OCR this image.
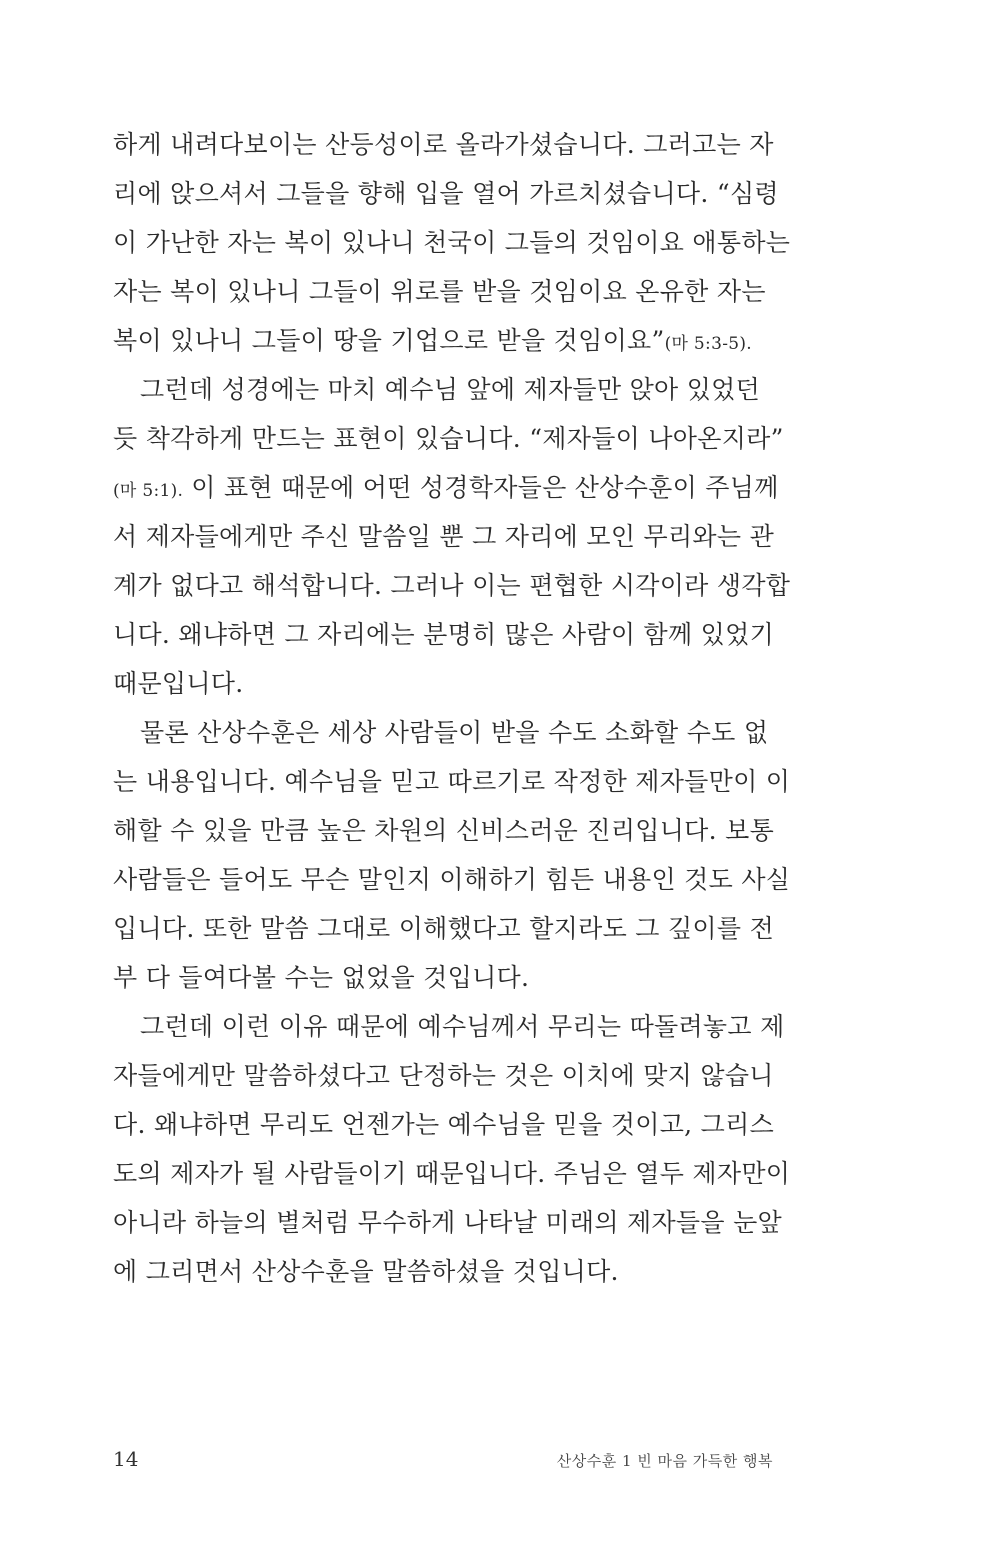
하게 내려다보이는 산등성이로 올라가셨습니다. 그러고는 자
리에 앉으셔서 그들을 향해 입을 열어 가르치셨습니다. “심령
이 가난한 자는 복이 있나니 천국이 그들의 것임이요 애통하는
자는 복이 있나니 그들이 위로를 받을 것임이요 온유한 자는
복이 있나니 그들이 땅을 기업으로 받을 것임이요” (마 5:3-5).
그런데 성경에는 마치 예수님 앞에 제자들만 앉아 있었던
듯 착각하게 만드는 표현이 있습니다. “제자들이 나아온지라”
(마 5:1). 이 표현 때문에 어떤 성경학자들은 산상수훈이 주님께
서 제자들에게만 주신 말씀일 뿐 그 자리에 모인 무리와는 관
계가 없다고 해석합니다. 그러나 이는 편협한 시각이라 생각합
니다. 왜냐하면 그 자리에는 분명히 많은 사람이 함께 있었기
때문입니다.
물론 산상수훈은 세상 사람들이 받을 수도 소화할 수도 없
는 내용입니다. 예수님을 믿고 따르기로 작정한 제자들만이 이
해할 수 있을 만큼 높은 차원의 신비스러운 진리입니다. 보통
사람들은 들어도 무슨 말인지 이해하기 힘든 내용인 것도 사실
입니다. 또한 말씀 그대로 이해했다고 할지라도 그 깊이를 전
부 다 들여다볼 수는 없었을 것입니다.
그런데 이런 이유 때문에 예수님께서 무리는 따돌려놓고 제
자들에게만 말씀하셨다고 단정하는 것은 이치에 맞지 않습니
다. 왜냐하면 무리도 언젠가는 예수님을 믿을 것이고, 그리스
도의 제자가 될 사람들이기 때문입니다. 주님은 열두 제자만이
아니라 하늘의 별처럼 무수하게 나타날 미래의 제자들을 눈앞
에 그리면서 산상수훈을 말씀하셨을 것입니다.
14	산상수훈 1 빈 마음 가득한 행복
